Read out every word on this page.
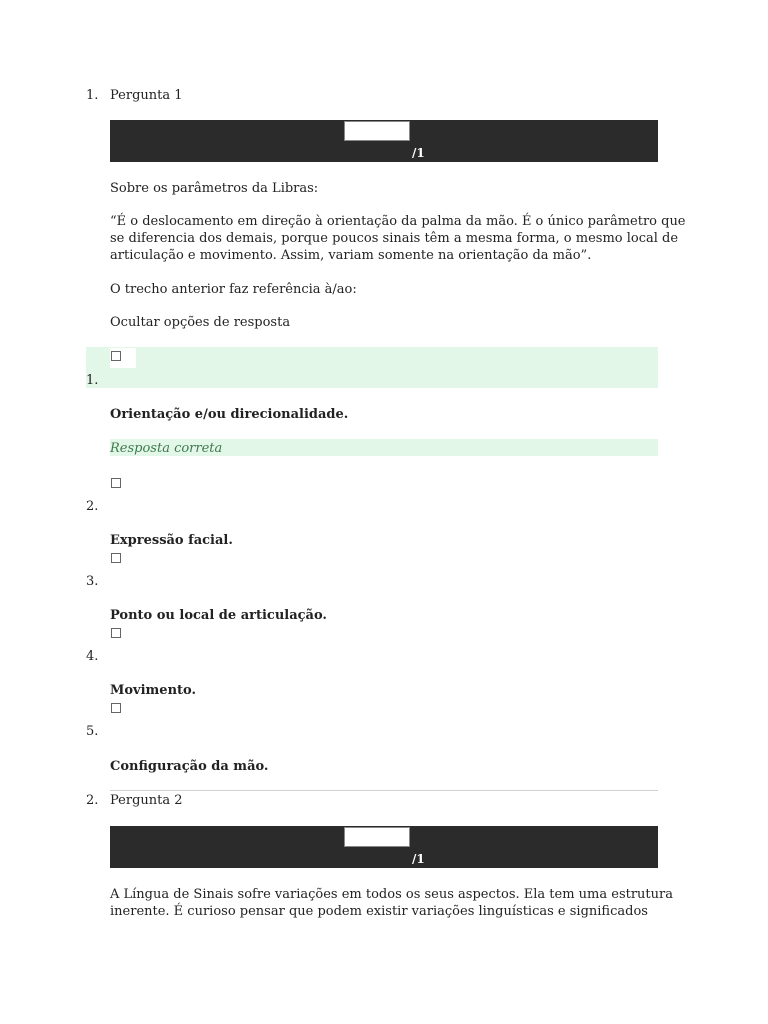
1. Pergunta 1
/1
Sobre os parâmetros da Libras:
“É o deslocamento em direção à orientação da palma da mão. É o único parâmetro que
se diferencia dos demais, porque poucos sinais têm a mesma forma, o mesmo local de
articulação e movimento. Assim, variam somente na orientação da mão”.
O trecho anterior faz referência à/ao:
Ocultar opções de resposta
1.
Orientação e/ou direcionalidade.
Resposta correta
2.
Expressão facial.
3.
Ponto ou local de articulação.
4.
Movimento.
5.
Configuração da mão.
2. Pergunta 2
/1
A Língua de Sinais sofre variações em todos os seus aspectos. Ela tem uma estrutura
inerente. É curioso pensar que podem existir variações linguísticas e significados
